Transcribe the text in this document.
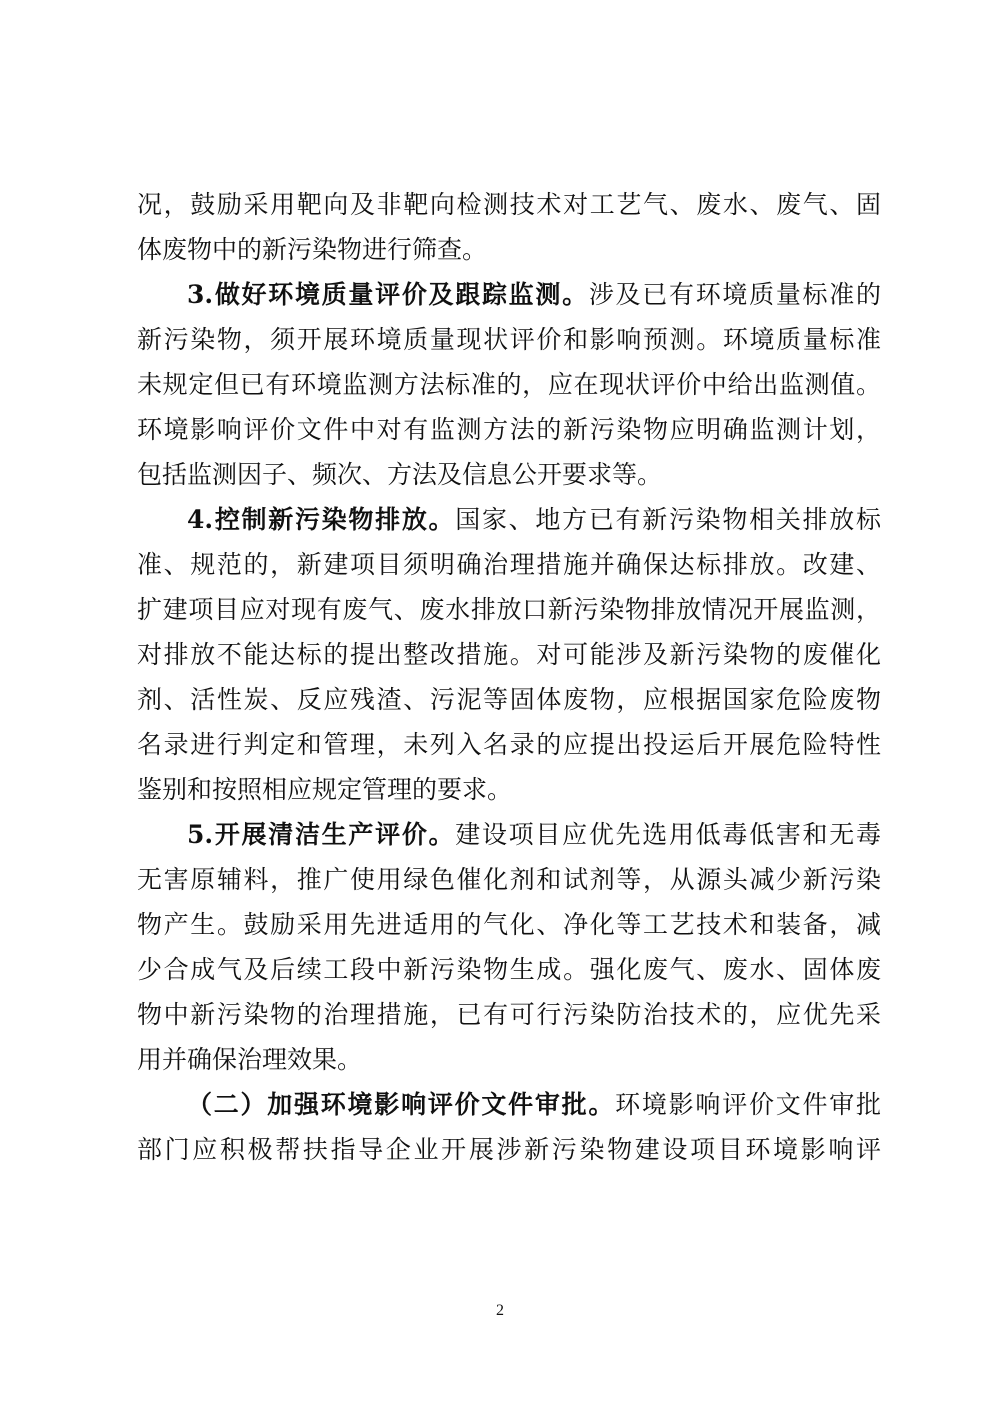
况，鼓励采用靶向及非靶向检测技术对工艺气、废水、废气、固
体废物中的新污染物进行筛查。
3.做好环境质量评价及跟踪监测。涉及已有环境质量标准的
新污染物，须开展环境质量现状评价和影响预测。环境质量标准
未规定但已有环境监测方法标准的，应在现状评价中给出监测值。
环境影响评价文件中对有监测方法的新污染物应明确监测计划，
包括监测因子、频次、方法及信息公开要求等。
4.控制新污染物排放。国家、地方已有新污染物相关排放标
准、规范的，新建项目须明确治理措施并确保达标排放。改建、
扩建项目应对现有废气、废水排放口新污染物排放情况开展监测，
对排放不能达标的提出整改措施。对可能涉及新污染物的废催化
剂、活性炭、反应残渣、污泥等固体废物，应根据国家危险废物
名录进行判定和管理，未列入名录的应提出投运后开展危险特性
鉴别和按照相应规定管理的要求。
5.开展清洁生产评价。建设项目应优先选用低毒低害和无毒
无害原辅料，推广使用绿色催化剂和试剂等，从源头减少新污染
物产生。鼓励采用先进适用的气化、净化等工艺技术和装备，减
少合成气及后续工段中新污染物生成。强化废气、废水、固体废
物中新污染物的治理措施，已有可行污染防治技术的，应优先采
用并确保治理效果。
（二）加强环境影响评价文件审批。环境影响评价文件审批
部门应积极帮扶指导企业开展涉新污染物建设项目环境影响评
2
